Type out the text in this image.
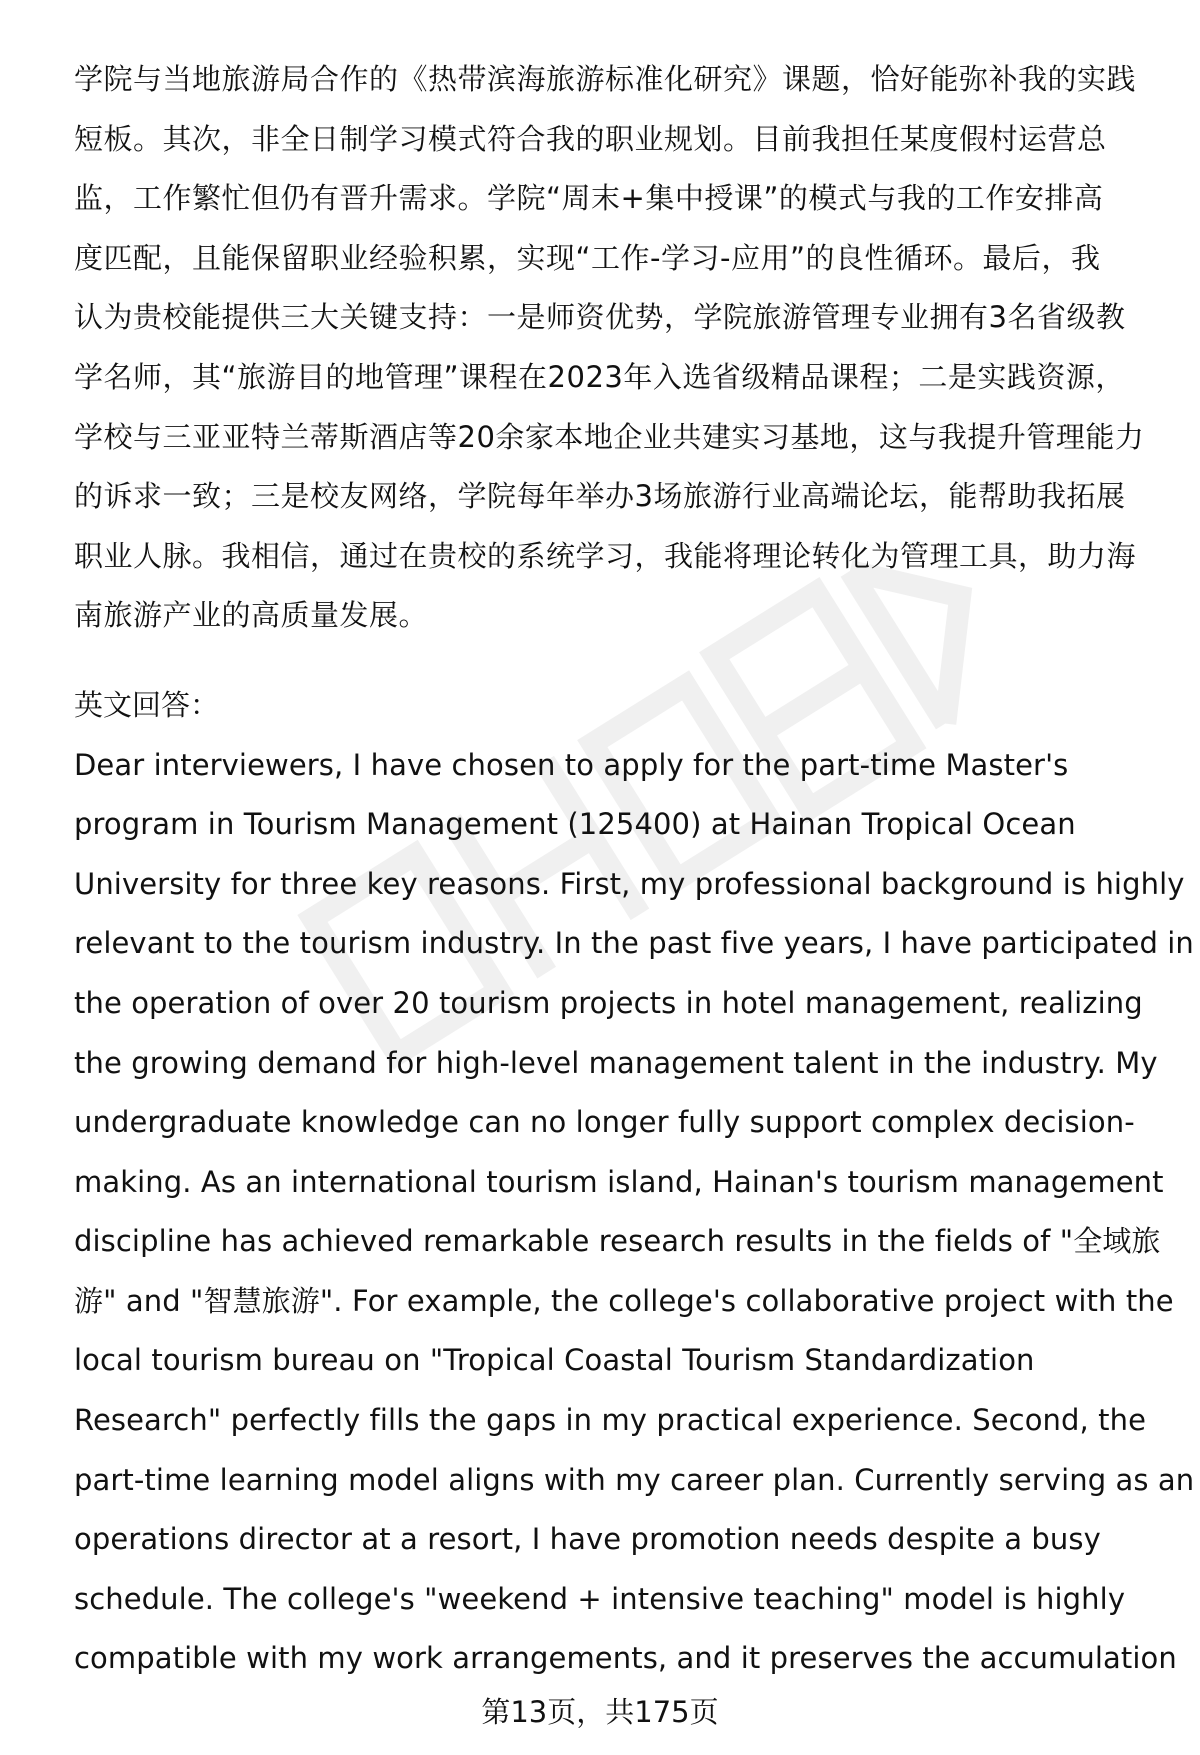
学院与当地旅游局合作的《热带滨海旅游标准化研究》课题，恰好能弥补我的实践
短板。其次，非全日制学习模式符合我的职业规划。目前我担任某度假村运营总
监，工作繁忙但仍有晋升需求。学院“周末+集中授课”的模式与我的工作安排高
度匹配，且能保留职业经验积累，实现“工作-学习-应用”的良性循环。最后，我
认为贵校能提供三大关键支持：一是师资优势，学院旅游管理专业拥有3名省级教
学名师，其“旅游目的地管理”课程在2023年入选省级精品课程；二是实践资源，
学校与三亚亚特兰蒂斯酒店等20余家本地企业共建实习基地，这与我提升管理能力
的诉求一致；三是校友网络，学院每年举办3场旅游行业高端论坛，能帮助我拓展
职业人脉。我相信，通过在贵校的系统学习，我能将理论转化为管理工具，助力海
南旅游产业的高质量发展。
英文回答：
Dear interviewers, I have chosen to apply for the part-time Master's
program in Tourism Management (125400) at Hainan Tropical Ocean
University for three key reasons. First, my professional background is highly
relevant to the tourism industry. In the past five years, I have participated in
the operation of over 20 tourism projects in hotel management, realizing
the growing demand for high-level management talent in the industry. My
undergraduate knowledge can no longer fully support complex decision-
making. As an international tourism island, Hainan's tourism management
discipline has achieved remarkable research results in the fields of "全域旅
游" and "智慧旅游". For example, the college's collaborative project with the
local tourism bureau on "Tropical Coastal Tourism Standardization
Research" perfectly fills the gaps in my practical experience. Second, the
part-time learning model aligns with my career plan. Currently serving as an
operations director at a resort, I have promotion needs despite a busy
schedule. The college's "weekend + intensive teaching" model is highly
compatible with my work arrangements, and it preserves the accumulation
第13页，共175页
